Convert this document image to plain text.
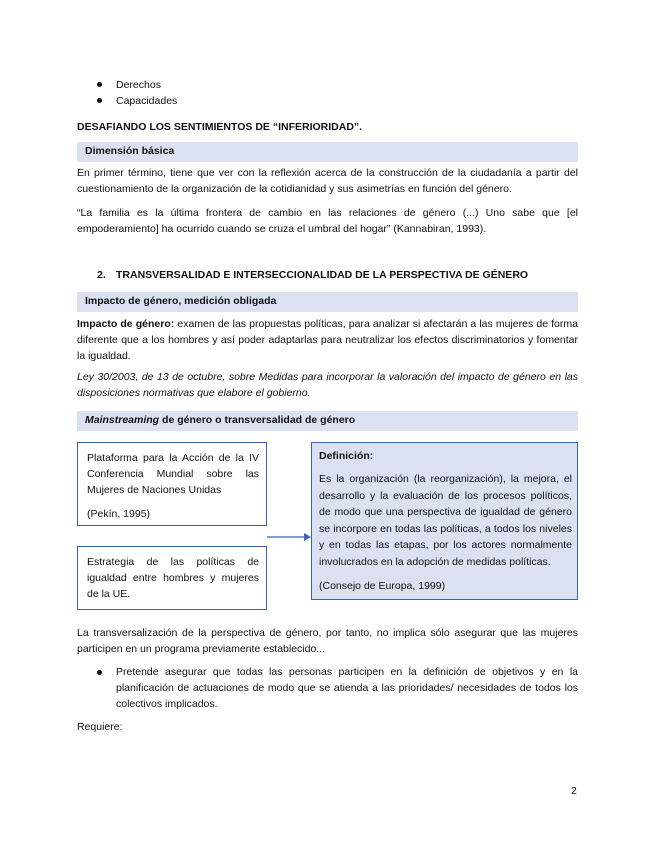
Derechos
Capacidades
DESAFIANDO LOS SENTIMIENTOS DE “INFERIORIDAD”.
Dimensión básica
En primer término, tiene que ver con la reflexión acerca de la construcción de la ciudadanía a partir del
cuestionamiento de la organización de la cotidianidad y sus asimetrías en función del género.
“La familia es la última frontera de cambio en las relaciones de género (...) Uno sabe que [el
empoderamiento] ha ocurrido cuando se cruza el umbral del hogar” (Kannabiran, 1993).
2. TRANSVERSALIDAD E INTERSECCIONALIDAD DE LA PERSPECTIVA DE GÉNERO
Impacto de género, medición obligada
Impacto de género: examen de las propuestas políticas, para analizar si afectarán a las mujeres de forma
diferente que a los hombres y así poder adaptarlas para neutralizar los efectos discriminatorios y fomentar
la igualdad.
Ley 30/2003, de 13 de octubre, sobre Medidas para incorporar la valoración del impacto de género en las
disposiciones normativas que elabore el gobierno.
Mainstreaming de género o transversalidad de género
Plataforma para la Acción de la IV
Conferencia Mundial sobre las
Mujeres de Naciones Unidas
(Pekín, 1995)
Estrategia de las políticas de
igualdad entre hombres y mujeres
de la UE.
Definición:
Es la organización (la reorganización), la mejora, el
desarrollo y la evaluación de los procesos políticos,
de modo que una perspectiva de igualdad de género
se incorpore en todas las políticas, a todos los niveles
y en todas las etapas, por los actores normalmente
involucrados en la adopción de medidas políticas.
(Consejo de Europa, 1999)
La transversalización de la perspectiva de género, por tanto, no implica sólo asegurar que las mujeres
participen en un programa previamente establecido...
Pretende asegurar que todas las personas participen en la definición de objetivos y en la
planificación de actuaciones de modo que se atienda a las prioridades/ necesidades de todos los
colectivos implicados.
Requiere:
2
